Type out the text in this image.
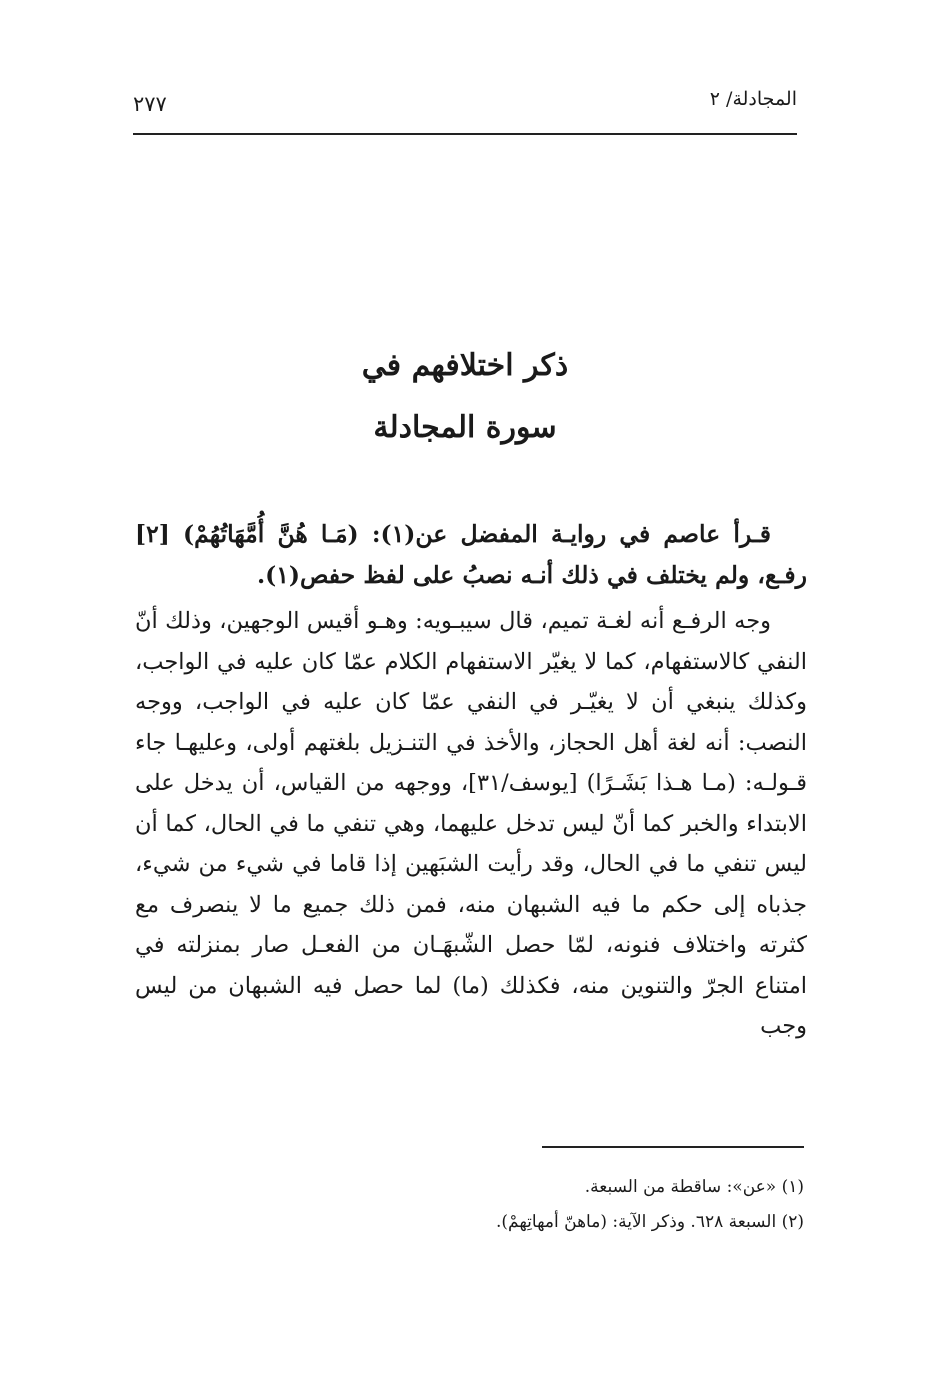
المجادلة/ ٢
٢٧٧
ذكر اختلافهم في
سورة المجادلة

قـرأ عاصم في روايـة المفضل عن(١): (مَـا هُنَّ أُمَّهَاتُهُمْ) [٢] رفـع، ولم يختلف في ذلك أنـه نصبُ على لفظ حفص(١).

وجه الرفـع أنه لغـة تميم، قال سيبـويه: وهـو أقيس الوجهين، وذلك أنّ النفي كالاستفهام، كما لا يغيّر الاستفهام الكلام عمّا كان عليه في الواجب، وكذلك ينبغي أن لا يغيّـر في النفي عمّا كان عليه في الواجب، ووجه النصب: أنه لغة أهل الحجاز، والأخذ في التنـزيل بلغتهم أولى، وعليهـا جاء قـولـه: (مـا هـذا بَشَـرًا) [يوسف/٣١]، ووجهه من القياس، أن يدخل على الابتداء والخبر كما أنّ ليس تدخل عليهما، وهي تنفي ما في الحال، كما أن ليس تنفي ما في الحال، وقد رأيت الشبَهين إذا قاما في شيء من شيء، جذباه إلى حكم ما فيه الشبهان منه، فمن ذلك جميع ما لا ينصرف مع كثرته واختلاف فنونه، لمّا حصل الشّبهَـان من الفعـل صار بمنزلته في امتناع الجرّ والتنوين منه، فكذلك (ما) لما حصل فيه الشبهان من ليس وجب

(١) «عن»: ساقطة من السبعة.

(٢) السبعة ٦٢٨. وذكر الآية: (ماهنّ أمهاتِهمْ).
